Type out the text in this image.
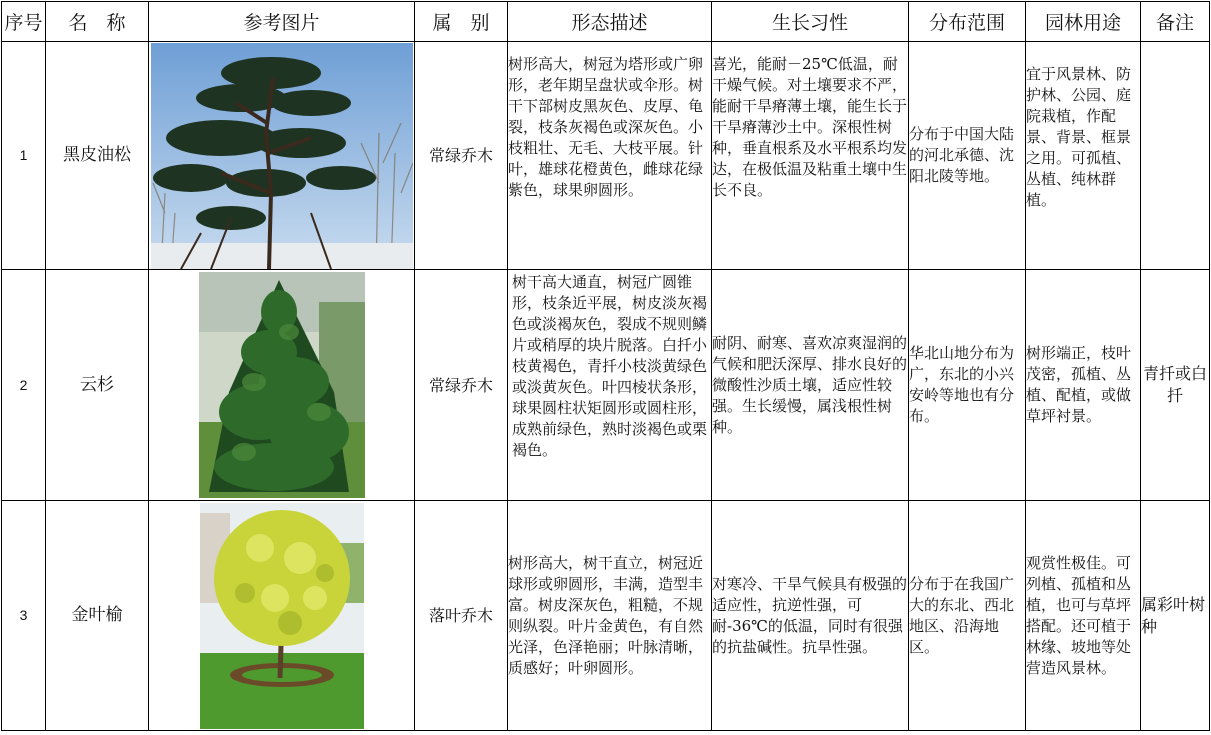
序号	名　称	参考图片	属　别	形态描述	生长习性	分布范围	园林用途	备注
1	黑皮油松		常绿乔木	树形高大，树冠为塔形或广卵形，老年期呈盘状或伞形。树干下部树皮黑灰色、皮厚、龟裂，枝条灰褐色或深灰色。小枝粗壮、无毛、大枝平展。针叶，雄球花橙黄色，雌球花绿紫色，球果卵圆形。	喜光，能耐－25℃低温，耐干燥气候。对土壤要求不严，能耐干旱瘠薄土壤，能生长于干旱瘠薄沙土中。深根性树种，垂直根系及水平根系均发达，在极低温及粘重土壤中生长不良。	分布于中国大陆的河北承德、沈阳北陵等地。	宜于风景林、防护林、公园、庭院栽植，作配景、背景、框景之用。可孤植、丛植、纯林群植。	
2	云杉		常绿乔木	树干高大通直，树冠广圆锥形，枝条近平展，树皮淡灰褐色或淡褐灰色，裂成不规则鳞片或稍厚的块片脱落。白扦小枝黄褐色，青扦小枝淡黄绿色或淡黄灰色。叶四棱状条形，球果圆柱状矩圆形或圆柱形，成熟前绿色，熟时淡褐色或栗褐色。	耐阴、耐寒、喜欢凉爽湿润的气候和肥沃深厚、排水良好的微酸性沙质土壤，适应性较强。生长缓慢，属浅根性树种。	华北山地分布为广，东北的小兴安岭等地也有分布。	树形端正，枝叶茂密，孤植、丛植、配植，或做草坪衬景。	青扦或白扦
3	金叶榆		落叶乔木	树形高大，树干直立，树冠近球形或卵圆形，丰满，造型丰富。树皮深灰色，粗糙，不规则纵裂。叶片金黄色，有自然光泽，色泽艳丽；叶脉清晰，质感好；叶卵圆形。	对寒冷、干旱气候具有极强的适应性，抗逆性强，可耐-36℃的低温，同时有很强的抗盐碱性。抗旱性强。	分布于在我国广大的东北、西北地区、沿海地区。	观赏性极佳。可列植、孤植和丛植，也可与草坪搭配。还可植于林缘、坡地等处营造风景林。	属彩叶树种
